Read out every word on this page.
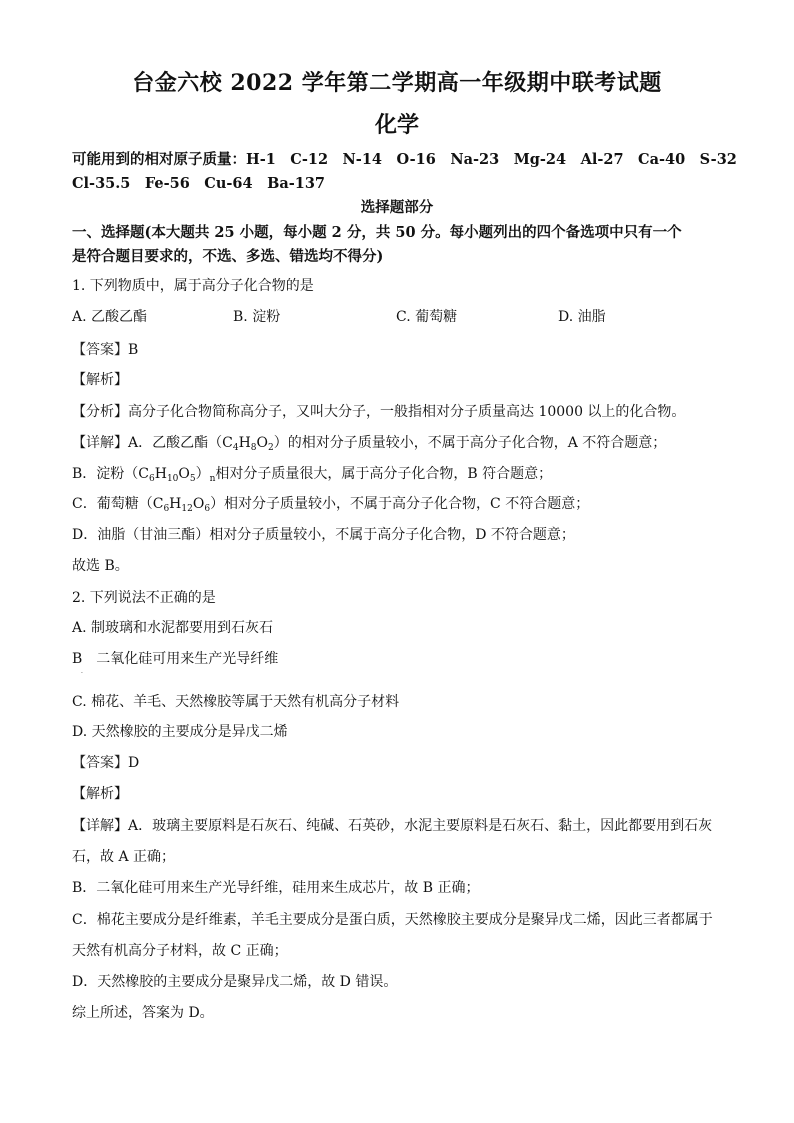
台金六校 2022 学年第二学期高一年级期中联考试题
化学
可能用到的相对原子质量：H-1　C-12　N-14　O-16　Na-23　Mg-24　Al-27　Ca-40　S-32
Cl-35.5　Fe-56　Cu-64　Ba-137
选择题部分
一、选择题(本大题共 25 小题，每小题 2 分，共 50 分。每小题列出的四个备选项中只有一个
是符合题目要求的，不选、多选、错选均不得分)
1. 下列物质中，属于高分子化合物的是
A. 乙酸乙酯	B. 淀粉	C. 葡萄糖	D. 油脂
【答案】B
【解析】
【分析】高分子化合物简称高分子，又叫大分子，一般指相对分子质量高达 10000 以上的化合物。
【详解】A．乙酸乙酯$(C_4H_8O_2)$的相对分子质量较小，不属于高分子化合物，A 不符合题意；
B．淀粉$(C_6H_{10}O_5)_n$相对分子质量很大，属于高分子化合物，B 符合题意；
C．葡萄糖$(C_6H_{12}O_6)$相对分子质量较小，不属于高分子化合物，C 不符合题意；
D．油脂（甘油三酯）相对分子质量较小，不属于高分子化合物，D 不符合题意；
故选 B。
2. 下列说法不正确的是
A. 制玻璃和水泥都要用到石灰石
B　二氧化硅可用来生产光导纤维
·
C. 棉花、羊毛、天然橡胶等属于天然有机高分子材料
D. 天然橡胶的主要成分是异戊二烯
【答案】D
【解析】
【详解】A．玻璃主要原料是石灰石、纯碱、石英砂，水泥主要原料是石灰石、黏土，因此都要用到石灰
石，故 A 正确；
B．二氧化硅可用来生产光导纤维，硅用来生成芯片，故 B 正确；
C．棉花主要成分是纤维素，羊毛主要成分是蛋白质，天然橡胶主要成分是聚异戊二烯，因此三者都属于
天然有机高分子材料，故 C 正确；
D．天然橡胶的主要成分是聚异戊二烯，故 D 错误。
综上所述，答案为 D。
